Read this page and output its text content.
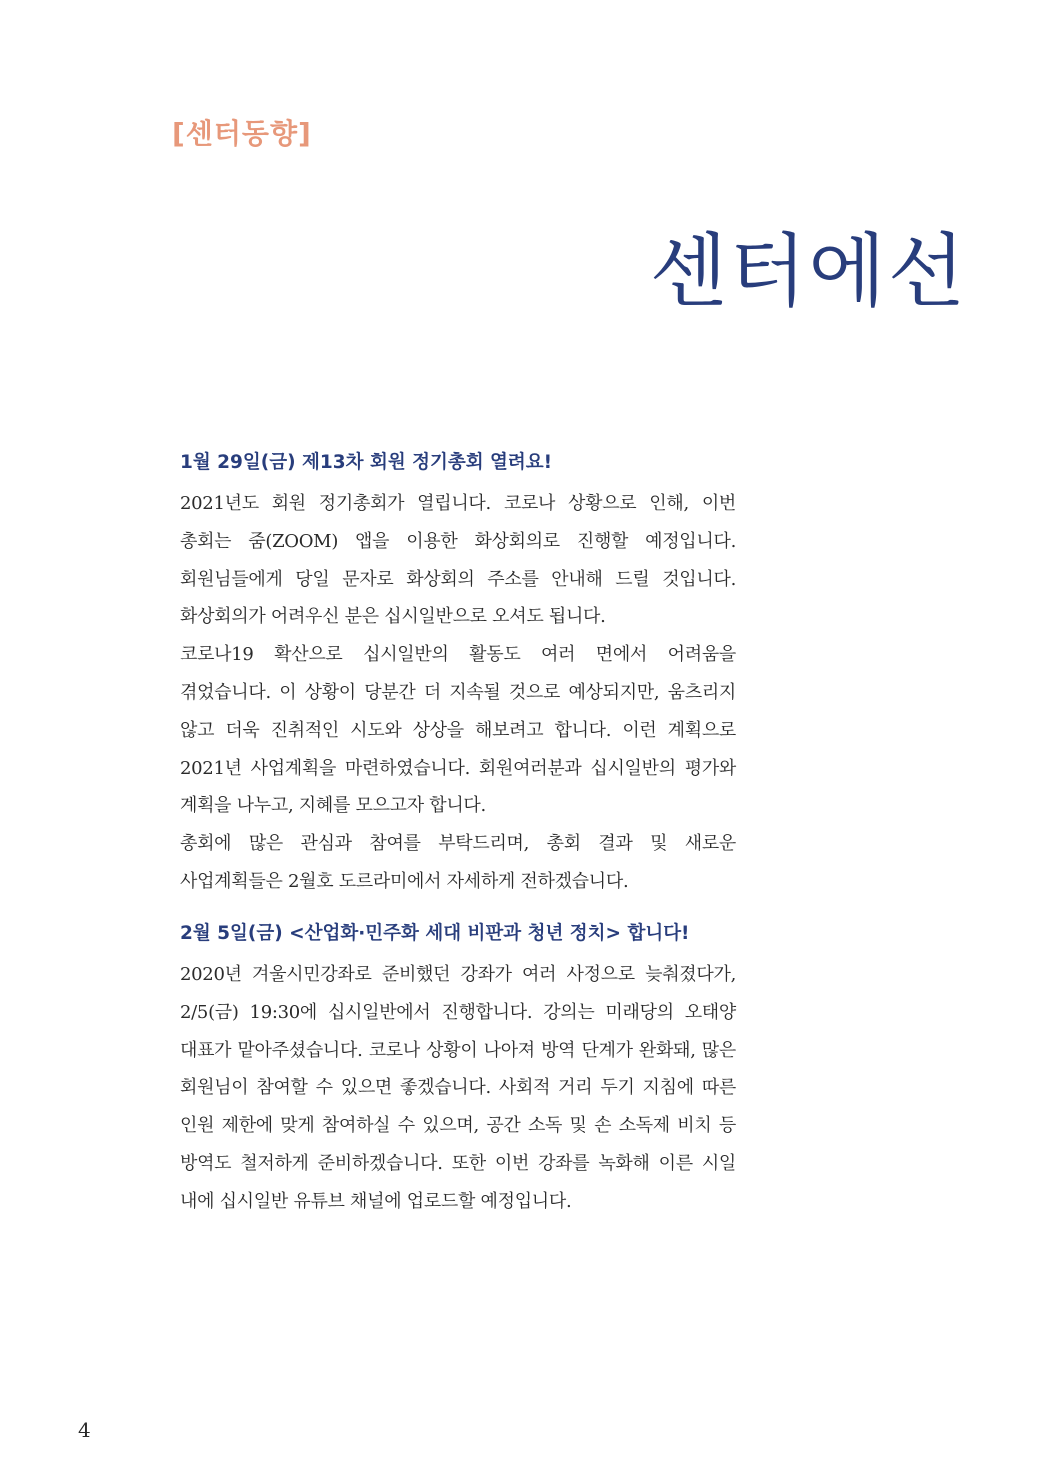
[센터동향]
센터에선
1월 29일(금) 제13차 회원 정기총회 열려요!

2021년도 회원 정기총회가 열립니다. 코로나 상황으로 인해, 이번 총회는 줌(ZOOM) 앱을 이용한 화상회의로 진행할 예정입니다. 회원님들에게 당일 문자로 화상회의 주소를 안내해 드릴 것입니다. 화상회의가 어려우신 분은 십시일반으로 오셔도 됩니다.

코로나19 확산으로 십시일반의 활동도 여러 면에서 어려움을 겪었습니다. 이 상황이 당분간 더 지속될 것으로 예상되지만, 움츠리지 않고 더욱 진취적인 시도와 상상을 해보려고 합니다. 이런 계획으로 2021년 사업계획을 마련하였습니다. 회원여러분과 십시일반의 평가와 계획을 나누고, 지혜를 모으고자 합니다.

총회에 많은 관심과 참여를 부탁드리며, 총회 결과 및 새로운 사업계획들은 2월호 도르라미에서 자세하게 전하겠습니다.

2월 5일(금) <산업화·민주화 세대 비판과 청년 정치> 합니다!

2020년 겨울시민강좌로 준비했던 강좌가 여러 사정으로 늦춰졌다가, 2/5(금) 19:30에 십시일반에서 진행합니다. 강의는 미래당의 오태양 대표가 맡아주셨습니다. 코로나 상황이 나아져 방역 단계가 완화돼, 많은 회원님이 참여할 수 있으면 좋겠습니다. 사회적 거리 두기 지침에 따른 인원 제한에 맞게 참여하실 수 있으며, 공간 소독 및 손 소독제 비치 등 방역도 철저하게 준비하겠습니다. 또한 이번 강좌를 녹화해 이른 시일 내에 십시일반 유튜브 채널에 업로드할 예정입니다.

4
